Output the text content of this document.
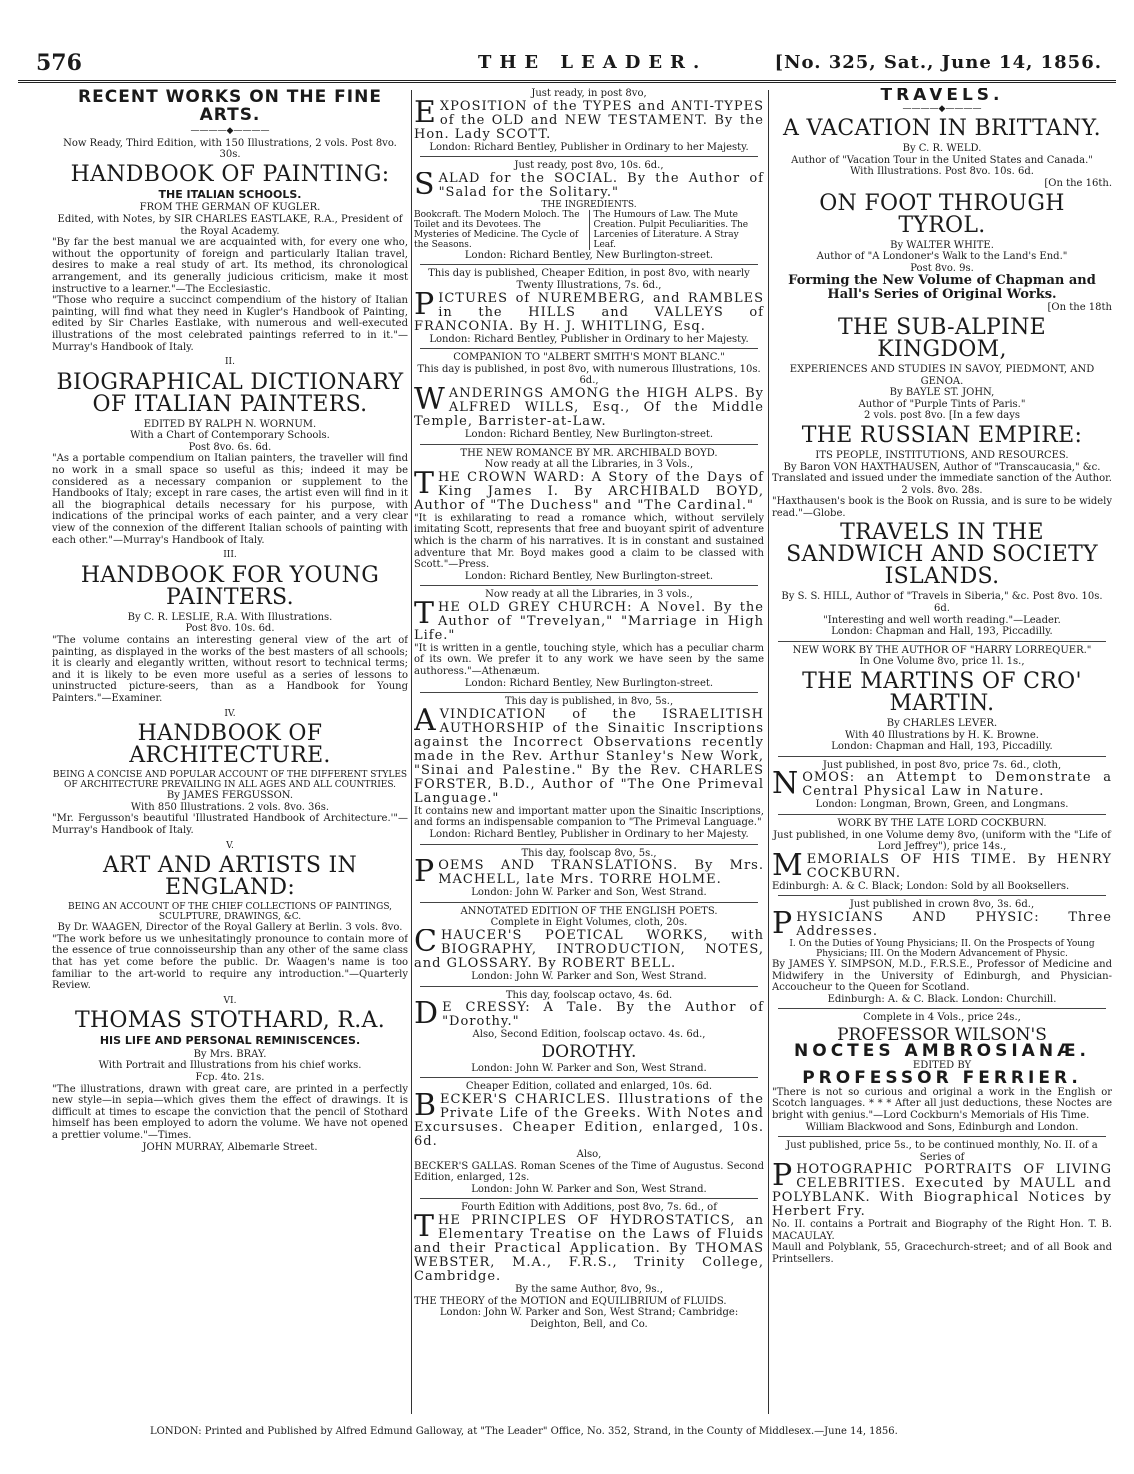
576	THE LEADER.	[No. 325, Sat., June 14, 1856.
RECENT WORKS ON THE FINE ARTS.
————◆————
Now Ready, Third Edition, with 150 Illustrations, 2 vols. Post 8vo. 30s.
HANDBOOK OF PAINTING:
THE ITALIAN SCHOOLS.
FROM THE GERMAN OF KUGLER.
Edited, with Notes, by SIR CHARLES EASTLAKE, R.A., President of the Royal Academy.
"By far the best manual we are acquainted with, for every one who, without the opportunity of foreign and particularly Italian travel, desires to make a real study of art. Its method, its chronological arrangement, and its generally judicious criticism, make it most instructive to a learner."—The Ecclesiastic.
"Those who require a succinct compendium of the history of Italian painting, will find what they need in Kugler's Handbook of Painting, edited by Sir Charles Eastlake, with numerous and well-executed illustrations of the most celebrated paintings referred to in it."—Murray's Handbook of Italy.
II.
BIOGRAPHICAL DICTIONARY OF ITALIAN PAINTERS.
EDITED BY RALPH N. WORNUM.
With a Chart of Contemporary Schools.
Post 8vo. 6s. 6d.
"As a portable compendium on Italian painters, the traveller will find no work in a small space so useful as this; indeed it may be considered as a necessary companion or supplement to the Handbooks of Italy; except in rare cases, the artist even will find in it all the biographical details necessary for his purpose, with indications of the principal works of each painter, and a very clear view of the connexion of the different Italian schools of painting with each other."—Murray's Handbook of Italy.
III.
HANDBOOK FOR YOUNG PAINTERS.
By C. R. LESLIE, R.A. With Illustrations.
Post 8vo. 10s. 6d.
"The volume contains an interesting general view of the art of painting, as displayed in the works of the best masters of all schools; it is clearly and elegantly written, without resort to technical terms; and it is likely to be even more useful as a series of lessons to uninstructed picture-seers, than as a Handbook for Young Painters."—Examiner.
IV.
HANDBOOK OF ARCHITECTURE.
BEING A CONCISE AND POPULAR ACCOUNT OF THE DIFFERENT STYLES OF ARCHITECTURE PREVAILING IN ALL AGES AND ALL COUNTRIES.
By JAMES FERGUSSON.
With 850 Illustrations. 2 vols. 8vo. 36s.
"Mr. Fergusson's beautiful 'Illustrated Handbook of Architecture.'"—Murray's Handbook of Italy.
V.
ART AND ARTISTS IN ENGLAND:
BEING AN ACCOUNT OF THE CHIEF COLLECTIONS OF PAINTINGS, SCULPTURE, DRAWINGS, &C.
By Dr. WAAGEN, Director of the Royal Gallery at Berlin. 3 vols. 8vo.
"The work before us we unhesitatingly pronounce to contain more of the essence of true connoisseurship than any other of the same class that has yet come before the public. Dr. Waagen's name is too familiar to the art-world to require any introduction."—Quarterly Review.
VI.
THOMAS STOTHARD, R.A.
HIS LIFE AND PERSONAL REMINISCENCES.
By Mrs. BRAY.
With Portrait and Illustrations from his chief works.
Fcp. 4to. 21s.
"The illustrations, drawn with great care, are printed in a perfectly new style—in sepia—which gives them the effect of drawings. It is difficult at times to escape the conviction that the pencil of Stothard himself has been employed to adorn the volume. We have not opened a prettier volume."—Times.
JOHN MURRAY, Albemarle Street.
Just ready, in post 8vo,
EXPOSITION of the TYPES and ANTI-TYPES of the OLD and NEW TESTAMENT. By the Hon. Lady SCOTT.
London: Richard Bentley, Publisher in Ordinary to her Majesty.
Just ready, post 8vo, 10s. 6d.,
SALAD for the SOCIAL. By the Author of "Salad for the Solitary."
THE INGREDIENTS.
Bookcraft. The Modern Moloch. The Toilet and its Devotees. The Mysteries of Medicine. The Cycle of the Seasons.
The Humours of Law. The Mute Creation. Pulpit Peculiarities. The Larcenies of Literature. A Stray Leaf.
London: Richard Bentley, New Burlington-street.
This day is published, Cheaper Edition, in post 8vo, with nearly Twenty Illustrations, 7s. 6d.,
PICTURES of NUREMBERG, and RAMBLES in the HILLS and VALLEYS of FRANCONIA. By H. J. WHITLING, Esq.
London: Richard Bentley, Publisher in Ordinary to her Majesty.
COMPANION TO "ALBERT SMITH'S MONT BLANC."
This day is published, in post 8vo, with numerous Illustrations, 10s. 6d.,
WANDERINGS AMONG the HIGH ALPS. By ALFRED WILLS, Esq., Of the Middle Temple, Barrister-at-Law.
London: Richard Bentley, New Burlington-street.
THE NEW ROMANCE BY MR. ARCHIBALD BOYD.
Now ready at all the Libraries, in 3 Vols.,
THE CROWN WARD: A Story of the Days of King James I. By ARCHIBALD BOYD, Author of "The Duchess" and "The Cardinal."
"It is exhilarating to read a romance which, without servilely imitating Scott, represents that free and buoyant spirit of adventure which is the charm of his narratives. It is in constant and sustained adventure that Mr. Boyd makes good a claim to be classed with Scott."—Press.
London: Richard Bentley, New Burlington-street.
Now ready at all the Libraries, in 3 vols.,
THE OLD GREY CHURCH: A Novel. By the Author of "Trevelyan," "Marriage in High Life."
"It is written in a gentle, touching style, which has a peculiar charm of its own. We prefer it to any work we have seen by the same authoress."—Athenæum.
London: Richard Bentley, New Burlington-street.
This day is published, in 8vo, 5s.,
A VINDICATION of the ISRAELITISH AUTHORSHIP of the Sinaitic Inscriptions against the Incorrect Observations recently made in the Rev. Arthur Stanley's New Work, "Sinai and Palestine." By the Rev. CHARLES FORSTER, B.D., Author of "The One Primeval Language."
It contains new and important matter upon the Sinaitic Inscriptions, and forms an indispensable companion to "The Primeval Language."
London: Richard Bentley, Publisher in Ordinary to her Majesty.
This day, foolscap 8vo, 5s.,
POEMS AND TRANSLATIONS. By Mrs. MACHELL, late Mrs. TORRE HOLME.
London: John W. Parker and Son, West Strand.
ANNOTATED EDITION OF THE ENGLISH POETS.
Complete in Eight Volumes, cloth, 20s.
CHAUCER'S POETICAL WORKS, with BIOGRAPHY, INTRODUCTION, NOTES, and GLOSSARY. By ROBERT BELL.
London: John W. Parker and Son, West Strand.
This day, foolscap octavo, 4s. 6d.
D E CRESSY: A Tale. By the Author of "Dorothy."
Also, Second Edition, foolscap octavo. 4s. 6d.,
DOROTHY.
London: John W. Parker and Son, West Strand.
Cheaper Edition, collated and enlarged, 10s. 6d.
BECKER'S CHARICLES. Illustrations of the Private Life of the Greeks. With Notes and Excursuses. Cheaper Edition, enlarged, 10s. 6d.
Also,
BECKER'S GALLAS. Roman Scenes of the Time of Augustus. Second Edition, enlarged, 12s.
London: John W. Parker and Son, West Strand.
Fourth Edition with Additions, post 8vo, 7s. 6d., of
THE PRINCIPLES OF HYDROSTATICS, an Elementary Treatise on the Laws of Fluids and their Practical Application. By THOMAS WEBSTER, M.A., F.R.S., Trinity College, Cambridge.
By the same Author, 8vo, 9s.,
THE THEORY of the MOTION and EQUILIBRIUM of FLUIDS.
London: John W. Parker and Son, West Strand; Cambridge: Deighton, Bell, and Co.
TRAVELS.
————◆————
A VACATION IN BRITTANY.
By C. R. WELD.
Author of "Vacation Tour in the United States and Canada."
With Illustrations. Post 8vo. 10s. 6d.
[On the 16th.
ON FOOT THROUGH TYROL.
By WALTER WHITE.
Author of "A Londoner's Walk to the Land's End."
Post 8vo. 9s.
Forming the New Volume of Chapman and Hall's Series of Original Works.
[On the 18th
THE SUB-ALPINE KINGDOM,
EXPERIENCES AND STUDIES IN SAVOY, PIEDMONT, AND GENOA.
By BAYLE ST. JOHN,
Author of "Purple Tints of Paris."
2 vols. post 8vo. [In a few days
THE RUSSIAN EMPIRE:
ITS PEOPLE, INSTITUTIONS, AND RESOURCES.
By Baron VON HAXTHAUSEN, Author of "Transcaucasia," &c.
Translated and issued under the immediate sanction of the Author.
2 vols. 8vo. 28s.
"Haxthausen's book is the Book on Russia, and is sure to be widely read."—Globe.
TRAVELS IN THE SANDWICH AND SOCIETY ISLANDS.
By S. S. HILL, Author of "Travels in Siberia," &c. Post 8vo. 10s. 6d.
"Interesting and well worth reading."—Leader.
London: Chapman and Hall, 193, Piccadilly.
NEW WORK BY THE AUTHOR OF "HARRY LORREQUER."
In One Volume 8vo, price 1l. 1s.,
THE MARTINS OF CRO' MARTIN.
By CHARLES LEVER.
With 40 Illustrations by H. K. Browne.
London: Chapman and Hall, 193, Piccadilly.
Just published, in post 8vo, price 7s. 6d., cloth,
NOMOS: an Attempt to Demonstrate a Central Physical Law in Nature.
London: Longman, Brown, Green, and Longmans.
WORK BY THE LATE LORD COCKBURN.
Just published, in one Volume demy 8vo, (uniform with the "Life of Lord Jeffrey"), price 14s.,
MEMORIALS OF HIS TIME. By HENRY COCKBURN.
Edinburgh: A. & C. Black; London: Sold by all Booksellers.
Just published in crown 8vo, 3s. 6d.,
PHYSICIANS AND PHYSIC: Three Addresses.
I. On the Duties of Young Physicians; II. On the Prospects of Young Physicians; III. On the Modern Advancement of Physic.
By JAMES Y. SIMPSON, M.D., F.R.S.E., Professor of Medicine and Midwifery in the University of Edinburgh, and Physician-Accoucheur to the Queen for Scotland.
Edinburgh: A. & C. Black. London: Churchill.
Complete in 4 Vols., price 24s.,
PROFESSOR WILSON'S
NOCTES AMBROSIANÆ.
EDITED BY
PROFESSOR FERRIER.
"There is not so curious and original a work in the English or Scotch languages. * * * After all just deductions, these Noctes are bright with genius."—Lord Cockburn's Memorials of His Time.
William Blackwood and Sons, Edinburgh and London.
Just published, price 5s., to be continued monthly, No. II. of a Series of
PHOTOGRAPHIC PORTRAITS OF LIVING CELEBRITIES. Executed by MAULL and POLYBLANK. With Biographical Notices by Herbert Fry.
No. II. contains a Portrait and Biography of the Right Hon. T. B. MACAULAY.
Maull and Polyblank, 55, Gracechurch-street; and of all Book and Printsellers.
LONDON: Printed and Published by Alfred Edmund Galloway, at "The Leader" Office, No. 352, Strand, in the County of Middlesex.—June 14, 1856.
